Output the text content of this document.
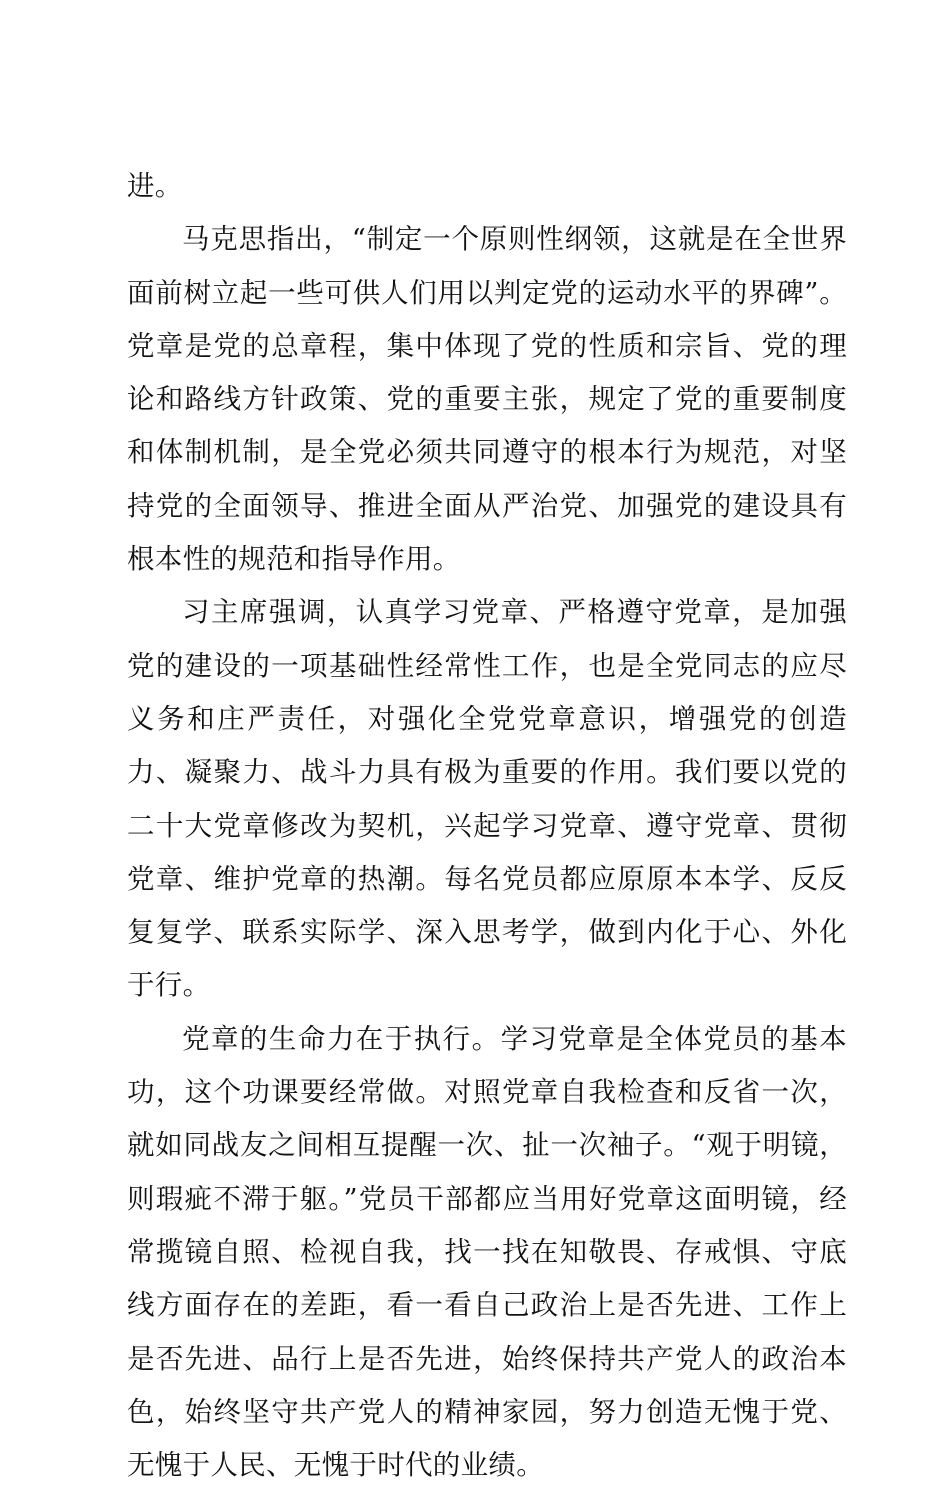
进。

马克思指出，“制定一个原则性纲领，这就是在全世界面前树立起一些可供人们用以判定党的运动水平的界碑”。党章是党的总章程，集中体现了党的性质和宗旨、党的理论和路线方针政策、党的重要主张，规定了党的重要制度和体制机制，是全党必须共同遵守的根本行为规范，对坚持党的全面领导、推进全面从严治党、加强党的建设具有根本性的规范和指导作用。

习主席强调，认真学习党章、严格遵守党章，是加强党的建设的一项基础性经常性工作，也是全党同志的应尽义务和庄严责任，对强化全党党章意识，增强党的创造力、凝聚力、战斗力具有极为重要的作用。我们要以党的二十大党章修改为契机，兴起学习党章、遵守党章、贯彻党章、维护党章的热潮。每名党员都应原原本本学、反反复复学、联系实际学、深入思考学，做到内化于心、外化于行。

党章的生命力在于执行。学习党章是全体党员的基本功，这个功课要经常做。对照党章自我检查和反省一次，就如同战友之间相互提醒一次、扯一次袖子。“观于明镜，则瑕疵不滞于躯。”党员干部都应当用好党章这面明镜，经常揽镜自照、检视自我，找一找在知敬畏、存戒惧、守底线方面存在的差距，看一看自己政治上是否先进、工作上是否先进、品行上是否先进，始终保持共产党人的政治本色，始终坚守共产党人的精神家园，努力创造无愧于党、无愧于人民、无愧于时代的业绩。
